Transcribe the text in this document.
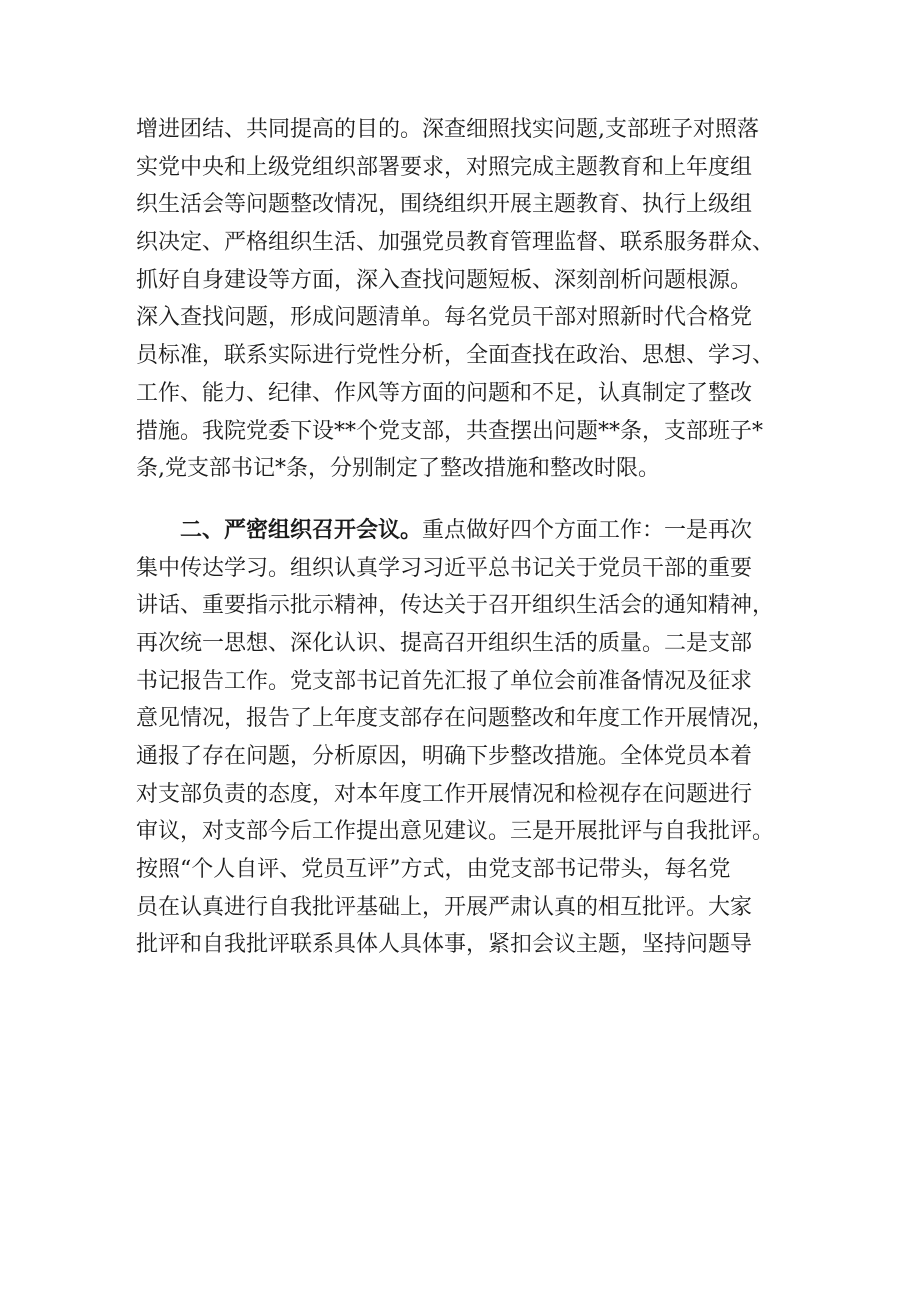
增进团结、共同提高的目的。深查细照找实问题,支部班子对照落
实党中央和上级党组织部署要求，对照完成主题教育和上年度组
织生活会等问题整改情况，围绕组织开展主题教育、执行上级组
织决定、严格组织生活、加强党员教育管理监督、联系服务群众、
抓好自身建设等方面，深入查找问题短板、深刻剖析问题根源。
深入查找问题，形成问题清单。每名党员干部对照新时代合格党
员标准，联系实际进行党性分析，全面查找在政治、思想、学习、
工作、能力、纪律、作风等方面的问题和不足，认真制定了整改
措施。我院党委下设**个党支部，共查摆出问题**条，支部班子*
条,党支部书记*条，分别制定了整改措施和整改时限。
二、严密组织召开会议。重点做好四个方面工作：一是再次
集中传达学习。组织认真学习习近平总书记关于党员干部的重要
讲话、重要指示批示精神，传达关于召开组织生活会的通知精神，
再次统一思想、深化认识、提高召开组织生活的质量。二是支部
书记报告工作。党支部书记首先汇报了单位会前准备情况及征求
意见情况，报告了上年度支部存在问题整改和年度工作开展情况，
通报了存在问题，分析原因，明确下步整改措施。全体党员本着
对支部负责的态度，对本年度工作开展情况和检视存在问题进行
审议，对支部今后工作提出意见建议。三是开展批评与自我批评。
按照“个人自评、党员互评”方式，由党支部书记带头，每名党
员在认真进行自我批评基础上，开展严肃认真的相互批评。大家
批评和自我批评联系具体人具体事，紧扣会议主题，坚持问题导
